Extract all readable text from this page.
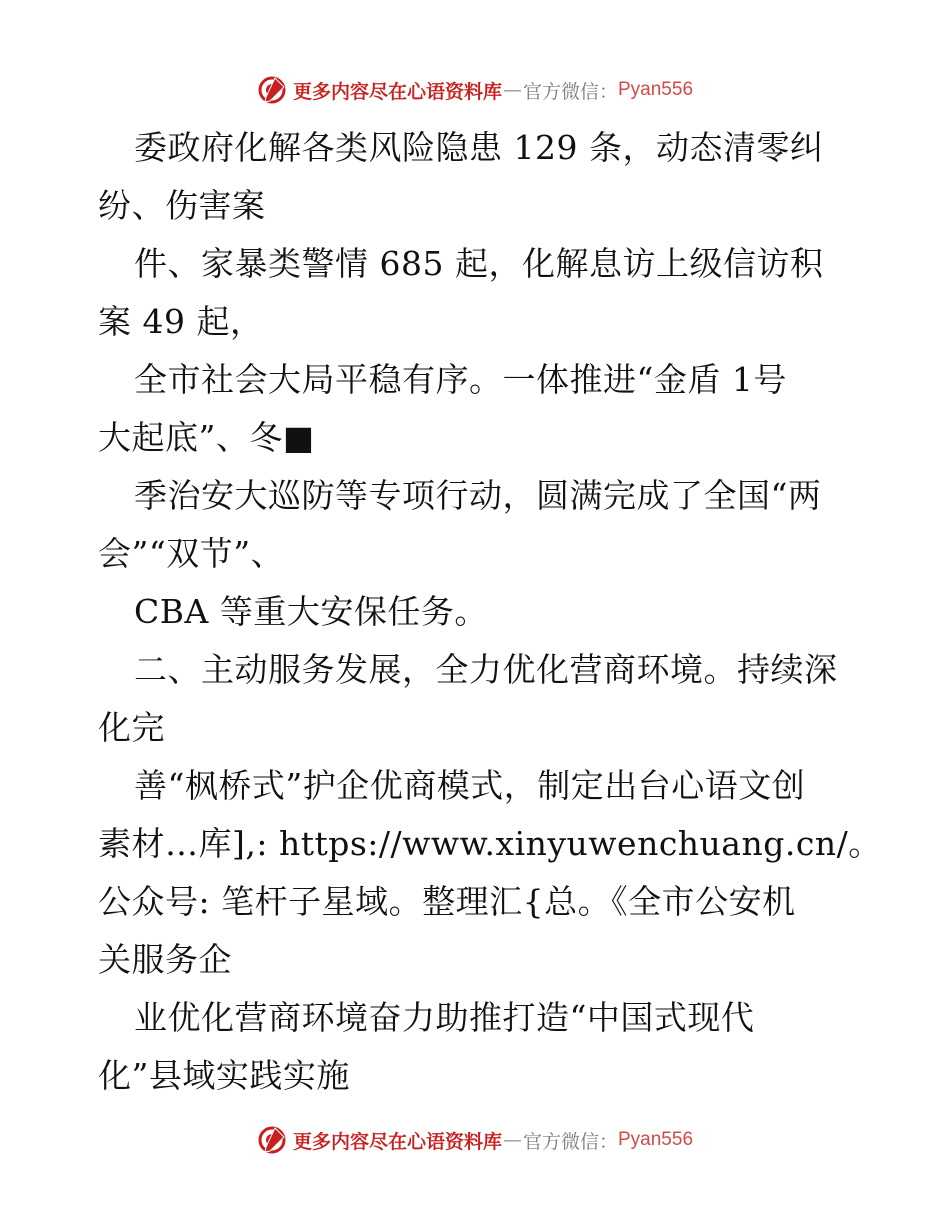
更多内容尽在心语资料库 — 官方微信： Pyan556
委政府化解各类风险隐患 129 条，动态清零纠
纷、伤害案
件、家暴类警情 685 起，化解息访上级信访积
案 49 起，
全市社会大局平稳有序。一体推进“金盾 1号
大起底”、冬■
季治安大巡防等专项行动，圆满完成了全国“两
会”“双节”、
CBA 等重大安保任务。
二、主动服务发展，全力优化营商环境。持续深
化完
善“枫桥式”护企优商模式，制定出台心语文创
素材…库],: https://www.xinyuwenchuang.cn/。
公众号: 笔杆子星域。整理汇{总。《全市公安机
关服务企
业优化营商环境奋力助推打造“中国式现代
化”县域实践实施
更多内容尽在心语资料库 — 官方微信： Pyan556
